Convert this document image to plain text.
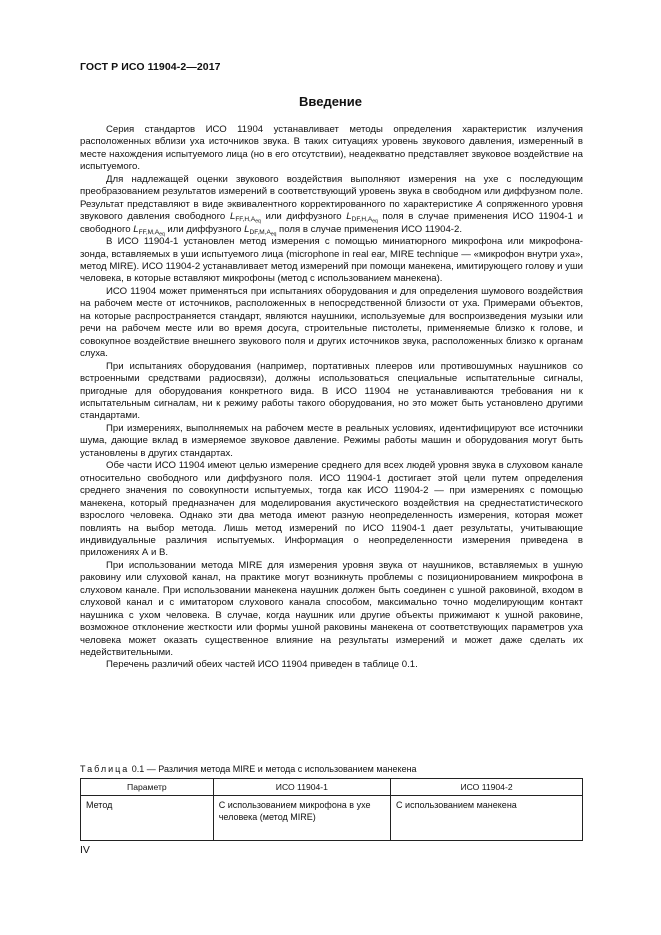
ГОСТ Р ИСО 11904-2—2017
Введение

Серия стандартов ИСО 11904 устанавливает методы определения характеристик излучения расположенных вблизи уха источников звука. В таких ситуациях уровень звукового давления, измеренный в месте нахождения испытуемого лица (но в его отсутствии), неадекватно представляет звуковое воздействие на испытуемого.

Для надлежащей оценки звукового воздействия выполняют измерения на ухе с последующим преобразованием результатов измерений в соответствующий уровень звука в свободном или диффузном поле. Результат представляют в виде эквивалентного корректированного по характеристике A сопряженного уровня звукового давления свободного $L_{FF,H,A_{eq}}$ или диффузного $L_{DF,H,A_{eq}}$ поля в случае применения ИСО 11904-1 и свободного $L_{FF,M,A_{eq}}$ или диффузного $L_{DF,M,A_{eq}}$ поля в случае применения ИСО 11904-2.

В ИСО 11904-1 установлен метод измерения с помощью миниатюрного микрофона или микрофона-зонда, вставляемых в уши испытуемого лица (microphone in real ear, MIRE technique — «микрофон внутри уха», метод MIRE). ИСО 11904-2 устанавливает метод измерений при помощи манекена, имитирующего голову и уши человека, в которые вставляют микрофоны (метод с использованием манекена).

ИСО 11904 может применяться при испытаниях оборудования и для определения шумового воздействия на рабочем месте от источников, расположенных в непосредственной близости от уха. Примерами объектов, на которые распространяется стандарт, являются наушники, используемые для воспроизведения музыки или речи на рабочем месте или во время досуга, строительные пистолеты, применяемые близко к голове, и совокупное воздействие внешнего звукового поля и других источников звука, расположенных близко к органам слуха.

При испытаниях оборудования (например, портативных плееров или противошумных наушников со встроенными средствами радиосвязи), должны использоваться специальные испытательные сигналы, пригодные для оборудования конкретного вида. В ИСО 11904 не устанавливаются требования ни к испытательным сигналам, ни к режиму работы такого оборудования, но это может быть установлено другими стандартами.

При измерениях, выполняемых на рабочем месте в реальных условиях, идентифицируют все источники шума, дающие вклад в измеряемое звуковое давление. Режимы работы машин и оборудования могут быть установлены в других стандартах.

Обе части ИСО 11904 имеют целью измерение среднего для всех людей уровня звука в слуховом канале относительно свободного или диффузного поля. ИСО 11904-1 достигает этой цели путем определения среднего значения по совокупности испытуемых, тогда как ИСО 11904-2 — при измерениях с помощью манекена, который предназначен для моделирования акустического воздействия на среднестатистического взрослого человека. Однако эти два метода имеют разную неопределенность измерения, которая может повлиять на выбор метода. Лишь метод измерений по ИСО 11904-1 дает результаты, учитывающие индивидуальные различия испытуемых. Информация о неопределенности измерения приведена в приложениях А и В.

При использовании метода MIRE для измерения уровня звука от наушников, вставляемых в ушную раковину или слуховой канал, на практике могут возникнуть проблемы с позиционированием микрофона в слуховом канале. При использовании манекена наушник должен быть соединен с ушной раковиной, входом в слуховой канал и с имитатором слухового канала способом, максимально точно моделирующим контакт наушника с ухом человека. В случае, когда наушник или другие объекты прижимают к ушной раковине, возможное отклонение жесткости или формы ушной раковины манекена от соответствующих параметров уха человека может оказать существенное влияние на результаты измерений и может даже сделать их недействительными.

Перечень различий обеих частей ИСО 11904 приведен в таблице 0.1.

Таблица 0.1 — Различия метода MIRE и метода с использованием манекена
Параметр	ИСО 11904-1	ИСО 11904-2
Метод	С использованием микрофона в ухе человека (метод MIRE)	С использованием манекена
IV
